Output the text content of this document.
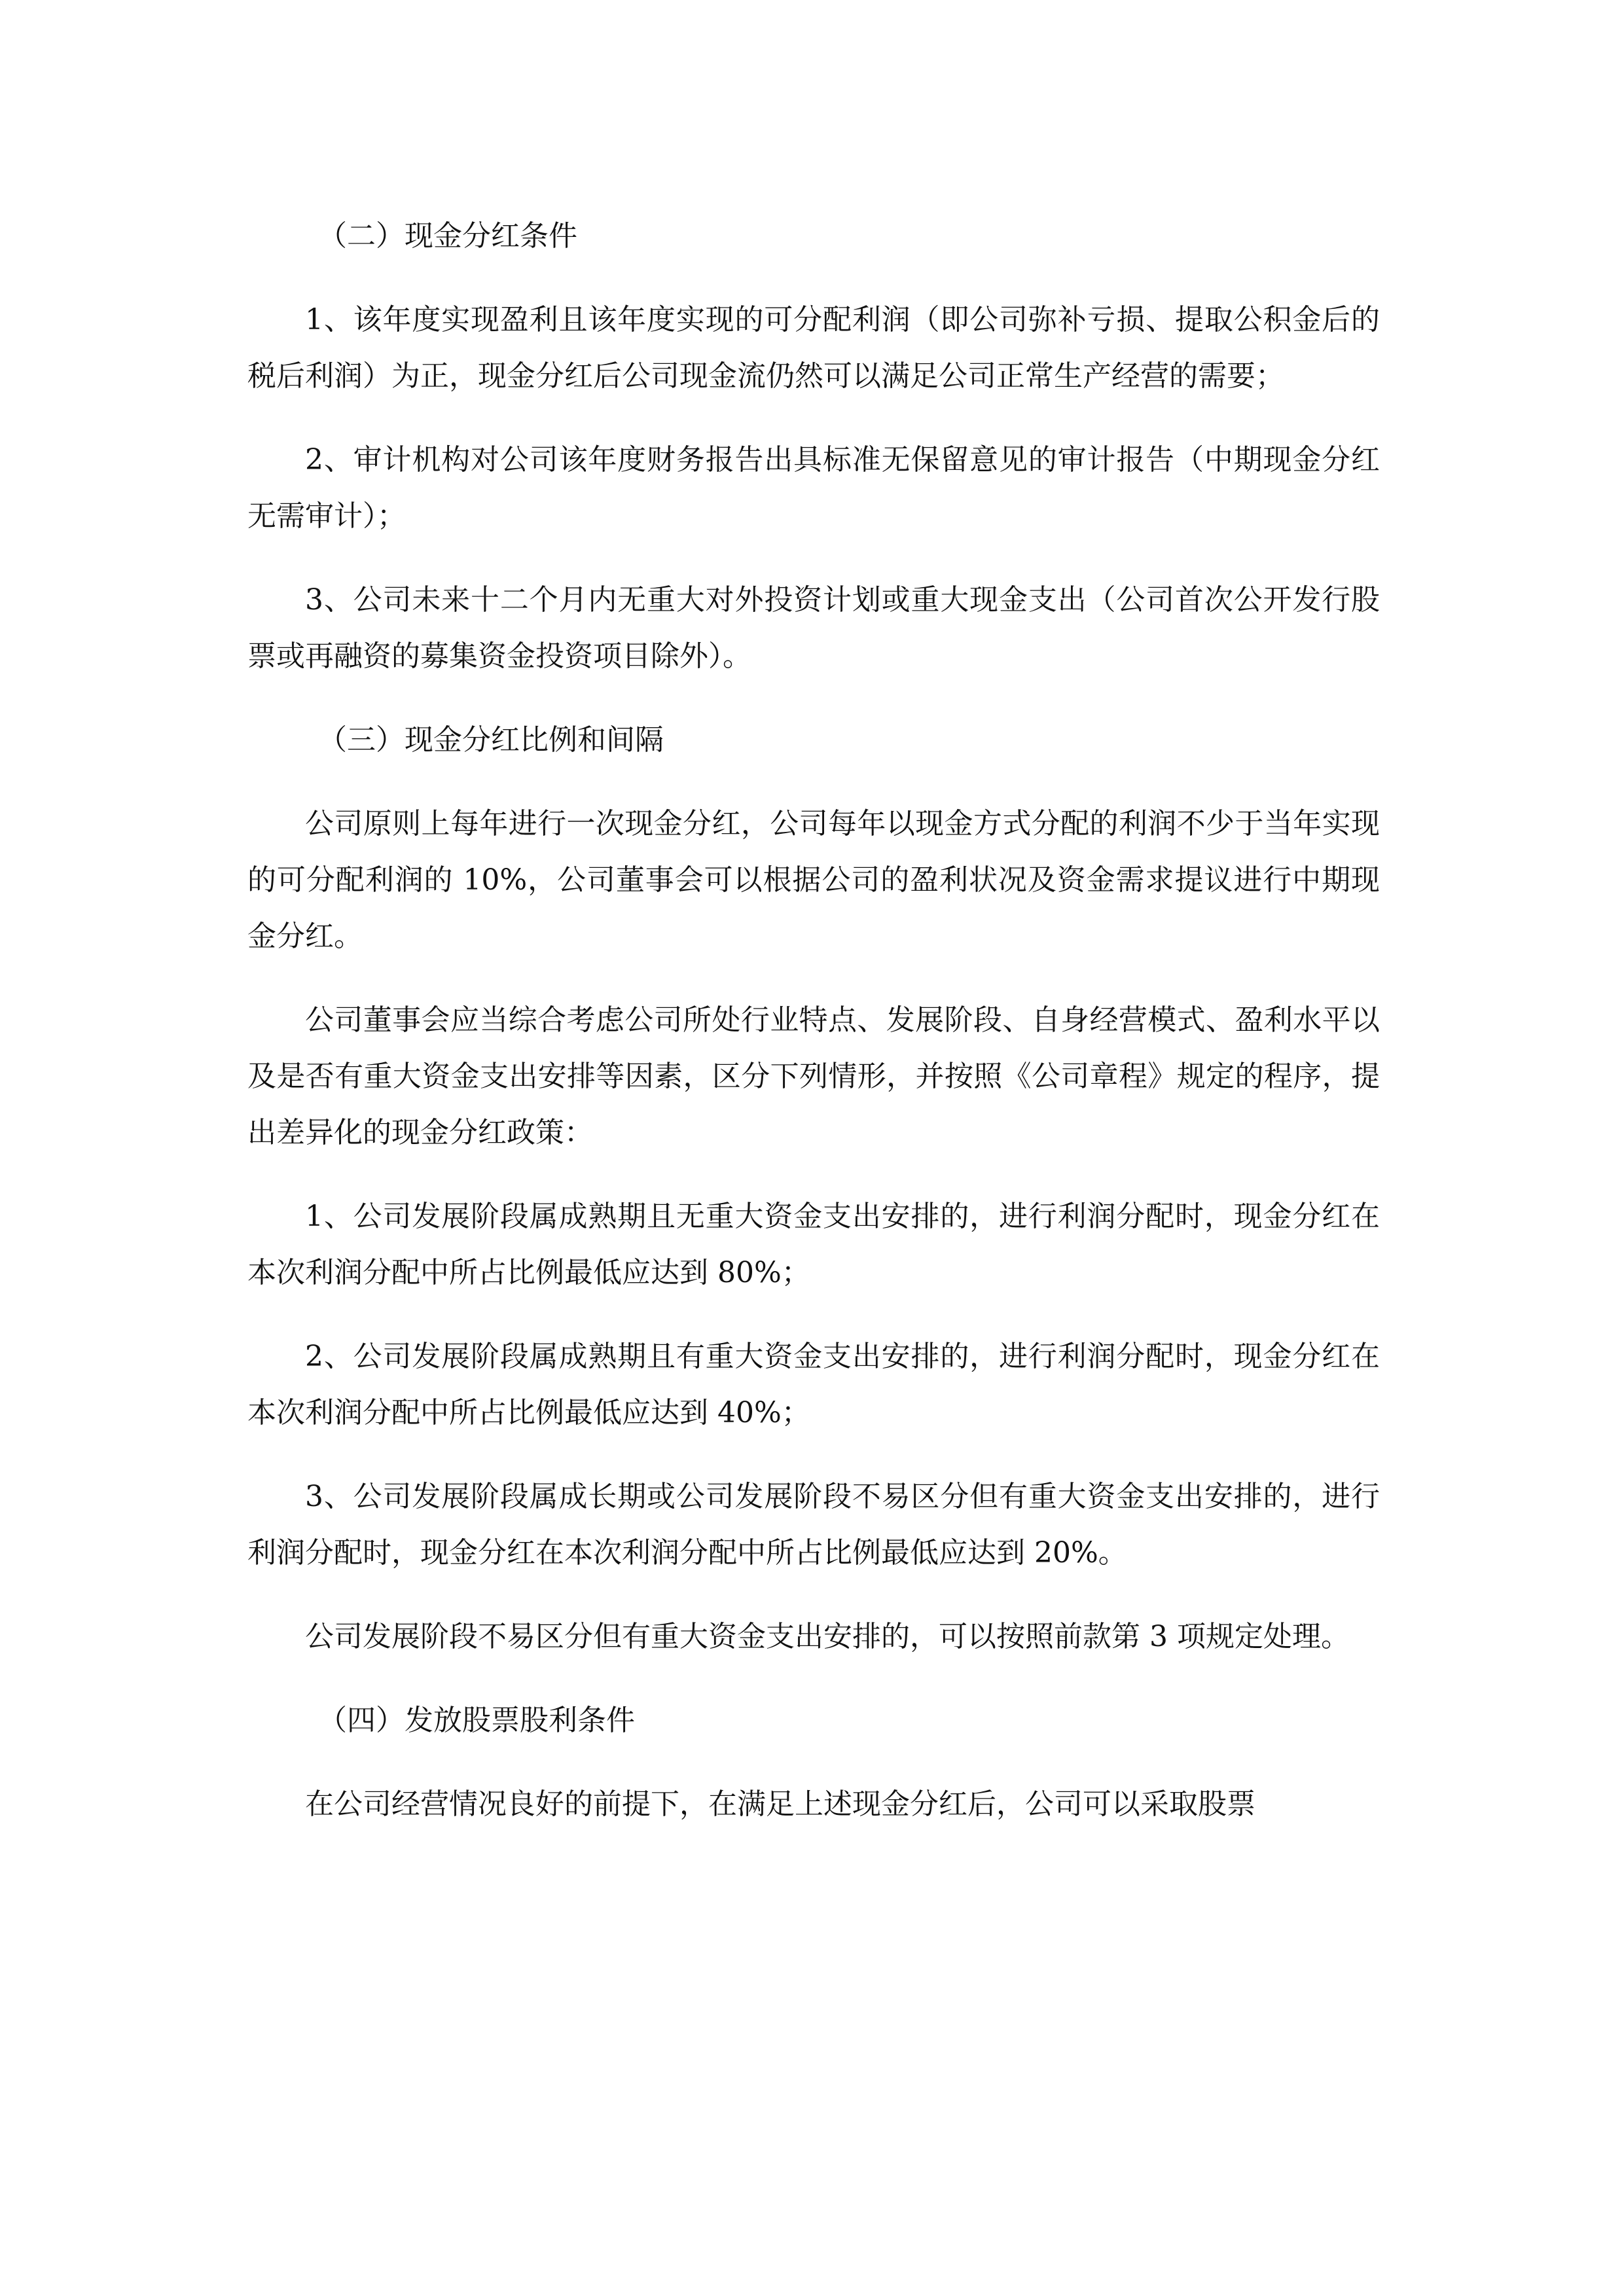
（二）现金分红条件

1、该年度实现盈利且该年度实现的可分配利润（即公司弥补亏损、提取公积金后的税后利润）为正，现金分红后公司现金流仍然可以满足公司正常生产经营的需要；

2、审计机构对公司该年度财务报告出具标准无保留意见的审计报告（中期现金分红无需审计）；

3、公司未来十二个月内无重大对外投资计划或重大现金支出（公司首次公开发行股票或再融资的募集资金投资项目除外）。

（三）现金分红比例和间隔

公司原则上每年进行一次现金分红，公司每年以现金方式分配的利润不少于当年实现的可分配利润的 10%，公司董事会可以根据公司的盈利状况及资金需求提议进行中期现金分红。

公司董事会应当综合考虑公司所处行业特点、发展阶段、自身经营模式、盈利水平以及是否有重大资金支出安排等因素，区分下列情形，并按照《公司章程》规定的程序，提出差异化的现金分红政策：

1、公司发展阶段属成熟期且无重大资金支出安排的，进行利润分配时，现金分红在本次利润分配中所占比例最低应达到 80%；

2、公司发展阶段属成熟期且有重大资金支出安排的，进行利润分配时，现金分红在本次利润分配中所占比例最低应达到 40%；

3、公司发展阶段属成长期或公司发展阶段不易区分但有重大资金支出安排的，进行利润分配时，现金分红在本次利润分配中所占比例最低应达到 20%。

公司发展阶段不易区分但有重大资金支出安排的，可以按照前款第 3 项规定处理。

（四）发放股票股利条件

在公司经营情况良好的前提下，在满足上述现金分红后，公司可以采取股票
